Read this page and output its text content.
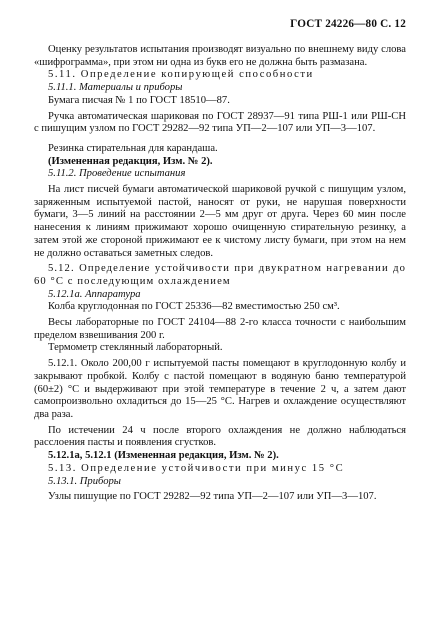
ГОСТ 24226—80 С. 12

Оценку результатов испытания производят визуально по внешнему виду слова «шифрограмма», при этом ни одна из букв его не должна быть размазана.

5.11. Определение копирующей способности

5.11.1. Материалы и приборы

Бумага писчая № 1 по ГОСТ 18510—87.

Ручка автоматическая шариковая по ГОСТ 28937—91 типа РШ-1 или РШ-СН с пишущим узлом по ГОСТ 29282—92 типа УП—2—107 или УП—3—107.

Резинка стирательная для карандаша.

(Измененная редакция, Изм. № 2).

5.11.2. Проведение испытания

На лист писчей бумаги автоматической шариковой ручкой с пишущим узлом, заряженным испытуемой пастой, наносят от руки, не нарушая поверхности бумаги, 3—5 линий на расстоянии 2—5 мм друг от друга. Через 60 мин после нанесения к линиям прижимают хорошо очищенную стирательную резинку, а затем этой же стороной прижимают ее к чистому листу бумаги, при этом на нем не должно оставаться заметных следов.

5.12. Определение устойчивости при двукратном нагревании до 60 °С с последующим охлаждением

5.12.1а. Аппаратура

Колба круглодонная по ГОСТ 25336—82 вместимостью 250 см³.

Весы лабораторные по ГОСТ 24104—88 2-го класса точности с наибольшим пределом взвешивания 200 г.

Термометр стеклянный лабораторный.

5.12.1. Около 200,00 г испытуемой пасты помещают в круглодонную колбу и закрывают пробкой. Колбу с пастой помещают в водяную баню температурой (60±2) °С и выдерживают при этой температуре в течение 2 ч, а затем дают самопроизвольно охладиться до 15—25 °С. Нагрев и охлаждение осуществляют два раза.

По истечении 24 ч после второго охлаждения не должно наблюдаться расслоения пасты и появления сгустков.

5.12.1а, 5.12.1 (Измененная редакция, Изм. № 2).

5.13. Определение устойчивости при минус 15 °С

5.13.1. Приборы

Узлы пишущие по ГОСТ 29282—92 типа УП—2—107 или УП—3—107.
